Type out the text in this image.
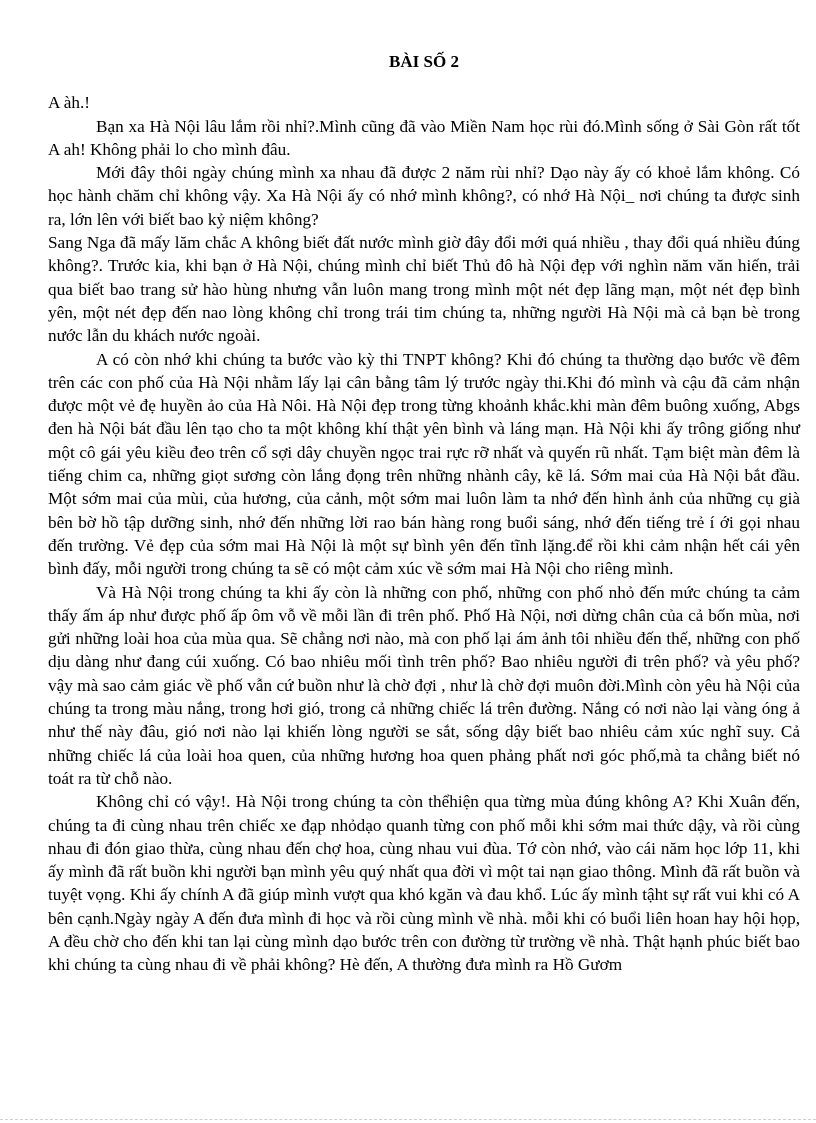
BÀI SỐ 2

A àh.!

Bạn xa Hà Nội lâu lắm rồi nhỉ?.Mình cũng đã vào Miền Nam học rùi đó.Mình sống ở Sài Gòn rất tốt A ah! Không phải lo cho mình đâu.

Mới đây thôi ngày chúng mình xa nhau đã được 2 năm rùi nhỉ? Dạo này ấy có khoẻ lắm không. Có học hành chăm chỉ không vậy. Xa Hà Nội ấy có nhớ mình không?, có nhớ Hà Nội_ nơi chúng ta được sinh ra, lớn lên với biết bao kỷ niệm không?

Sang Nga đã mấy lăm chắc A không biết đất nước mình giờ đây đổi mới quá nhiều , thay đổi quá nhiều đúng không?. Trước kia, khi bạn ở Hà Nội, chúng mình chỉ biết Thủ đô hà Nội đẹp với nghìn năm văn hiến, trải qua biết bao trang sử hào hùng nhưng vẫn luôn mang trong mình một nét đẹp lãng mạn, một nét đẹp bình yên, một nét đẹp đến nao lòng không chỉ trong trái tim chúng ta, những người Hà Nội mà cả bạn bè trong nước lẫn du khách nước ngoài.

A có còn nhớ khi chúng ta bước vào kỳ thi TNPT không? Khi đó chúng ta thường dạo bước về đêm trên các con phố của Hà Nội nhằm lấy lại cân bằng tâm lý trước ngày thi.Khi đó mình và cậu đã cảm nhận được một vẻ đẹ huyền ảo của Hà Nôi. Hà Nội đẹp trong từng khoảnh khắc.khi màn đêm buông xuống, Abgs đen hà Nội bát đầu lên tạo cho ta một không khí thật yên bình và láng mạn. Hà Nội khi ấy trông giống như một cô gái yêu kiều đeo trên cổ sợi dây chuyền ngọc trai rực rỡ nhất và quyến rũ nhất. Tạm biệt màn đêm là tiếng chim ca, những giọt sương còn lắng đọng trên những nhành cây, kẽ lá. Sớm mai của Hà Nội bắt đầu. Một sớm mai của mùi, của hương, của cảnh, một sớm mai luôn làm ta nhớ đến hình ảnh của những cụ già bên bờ hồ tập dưỡng sinh, nhớ đến những lời rao bán hàng rong buổi sáng, nhớ đến tiếng trẻ í ới gọi nhau đến trường. Vẻ đẹp của sớm mai Hà Nội là một sự bình yên đến tĩnh lặng.để rồi khi cảm nhận hết cái yên bình đấy, mỗi người trong chúng ta sẽ có một cảm xúc về sớm mai Hà Nội cho riêng mình.

Và Hà Nội trong chúng ta khi ấy còn là những con phố, những con phố nhỏ đến mức chúng ta cảm thấy ấm áp như được phố ấp ôm vỗ về mỗi lần đi trên phố. Phố Hà Nội, nơi dừng chân của cả bốn mùa, nơi gửi những loài hoa của mùa qua. Sẽ chẳng nơi nào, mà con phố lại ám ảnh tôi nhiều đến thế, những con phố dịu dàng như đang cúi xuống. Có bao nhiêu mối tình trên phố? Bao nhiêu người đi trên phố? và yêu phố? vậy mà sao cảm giác về phố vẫn cứ buồn như là chờ đợi , như là chờ đợi muôn đời.Mình còn yêu hà Nội của chúng ta trong màu nắng, trong hơi gió, trong cả những chiếc lá trên đường. Nắng có nơi nào lại vàng óng ả như thế này đâu, gió nơi nào lại khiến lòng người se sắt, sống dậy biết bao nhiêu cảm xúc nghĩ suy. Cả những chiếc lá của loài hoa quen, của những hương hoa quen phảng phất nơi góc phố,mà ta chẳng biết nó toát ra từ chỗ nào.

Không chỉ có vậy!. Hà Nội trong chúng ta còn thểhiện qua từng mùa đúng không A? Khi Xuân đến, chúng ta đi cùng nhau trên chiếc xe đạp nhỏdạo quanh từng con phố mỗi khi sớm mai thức dậy, và rồi cùng nhau đi đón giao thừa, cùng nhau đến chợ hoa, cùng nhau vui đùa. Tớ còn nhớ, vào cái năm học lớp 11, khi ấy mình đã rất buồn khi người bạn mình yêu quý nhất qua đời vì một tai nạn giao thông. Mình đã rất buồn và tuyệt vọng. Khi ấy chính A đã giúp mình vượt qua khó kgăn và đau khổ. Lúc ấy mình tậht sự rất vui khi có A bên cạnh.Ngày ngày A đến đưa mình đi học và rồi cùng mình về nhà. mỗi khi có buổi liên hoan hay hội họp, A đều chờ cho đến khi tan lại cùng mình dạo bước trên con đường từ trường về nhà. Thật hạnh phúc biết bao khi chúng ta cùng nhau đi về phải không? Hè đến, A thường đưa mình ra Hồ Gươm
